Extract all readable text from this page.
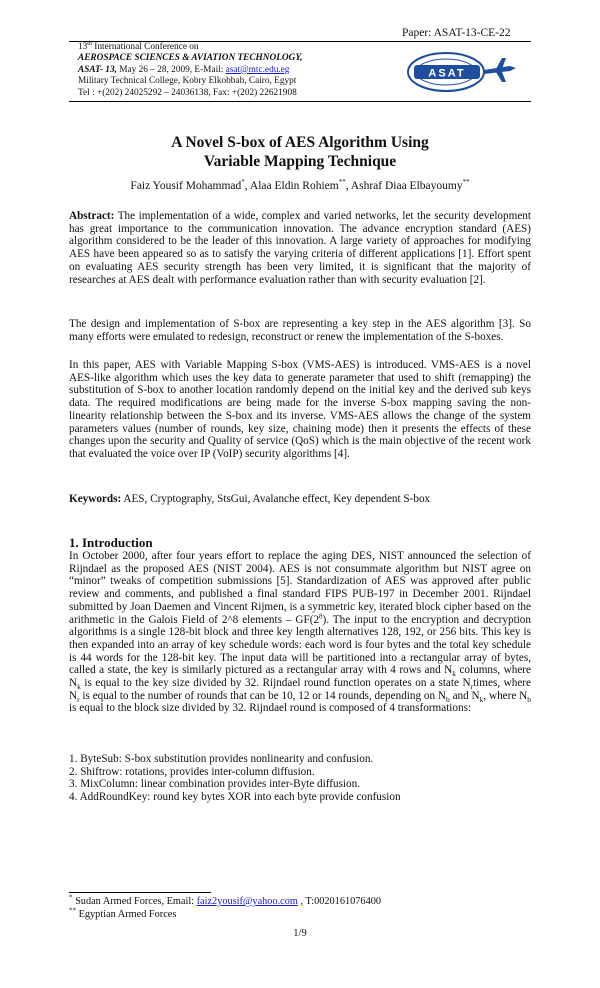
Paper: ASAT-13-CE-22
13th International Conference on
AEROSPACE SCIENCES & AVIATION TECHNOLOGY,
ASAT- 13, May 26 – 28, 2009, E-Mail: asat@mtc.edu.eg
Military Technical College, Kobry Elkobbah, Cairo, Egypt
Tel : +(202) 24025292 – 24036138, Fax: +(202) 22621908
ASAT
A Novel S-box of AES Algorithm Using
Variable Mapping Technique
Faiz Yousif Mohammad*, Alaa Eldin Rohiem**, Ashraf Diaa Elbayoumy**
Abstract: The implementation of a wide, complex and varied networks, let the security development has great importance to the communication innovation. The advance encryption standard (AES) algorithm considered to be the leader of this innovation. A large variety of approaches for modifying AES have been appeared so as to satisfy the varying criteria of different applications [1]. Effort spent on evaluating AES security strength has been very limited, it is significant that the majority of researches at AES dealt with performance evaluation rather than with security evaluation [2].
The design and implementation of S-box are representing a key step in the AES algorithm [3]. So many efforts were emulated to redesign, reconstruct or renew the implementation of the S-boxes.
In this paper, AES with Variable Mapping S-box (VMS-AES) is introduced. VMS-AES is a novel AES-like algorithm which uses the key data to generate parameter that used to shift (remapping) the substitution of S-box to another location randomly depend on the initial key and the derived sub keys data. The required modifications are being made for the inverse S-box mapping saving the non-linearity relationship between the S-box and its inverse. VMS-AES allows the change of the system parameters values (number of rounds, key size, chaining mode) then it presents the effects of these changes upon the security and Quality of service (QoS) which is the main objective of the recent work that evaluated the voice over IP (VoIP) security algorithms [4].
Keywords: AES, Cryptography, StsGui, Avalanche effect, Key dependent S-box
1. Introduction
In October 2000, after four years effort to replace the aging DES, NIST announced the selection of Rijndael as the proposed AES (NIST 2004). AES is not consummate algorithm but NIST agree on “minor” tweaks of competition submissions [5]. Standardization of AES was approved after public review and comments, and published a final standard FIPS PUB-197 in December 2001. Rijndael submitted by Joan Daemen and Vincent Rijmen, is a symmetric key, iterated block cipher based on the arithmetic in the Galois Field of 2^8 elements – $GF(2^8)$. The input to the encryption and decryption algorithms is a single 128-bit block and three key length alternatives 128, 192, or 256 bits. This key is then expanded into an array of key schedule words: each word is four bytes and the total key schedule is 44 words for the 128-bit key. The input data will be partitioned into a rectangular array of bytes, called a state, the key is similarly pictured as a rectangular array with 4 rows and $N_k$ columns, where $N_k$ is equal to the key size divided by 32. Rijndael round function operates on a state $N_rtimes$, where $N_r$ is equal to the number of rounds that can be 10, 12 or 14 rounds, depending on $N_b$ and $N_k$, where $N_b$ is equal to the block size divided by 32. Rijndael round is composed of 4 transformations:
1. ByteSub: S-box substitution provides nonlinearity and confusion.
2. Shiftrow: rotations, provides inter-column diffusion.
3. MixColumn: linear combination provides inter-Byte diffusion.
4. AddRoundKey: round key bytes XOR into each byte provide confusion
* Sudan Armed Forces, Email: faiz2yousif@yahoo.com , T:0020161076400
** Egyptian Armed Forces
1/9
